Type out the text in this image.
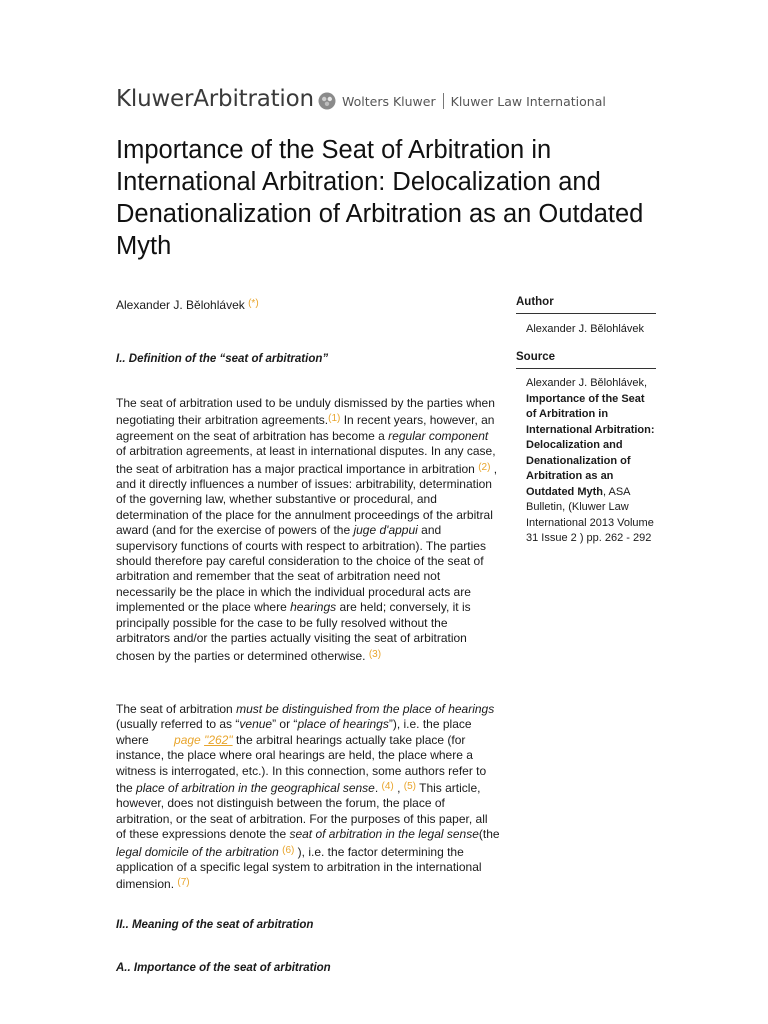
KluwerArbitration Wolters Kluwer Kluwer Law International
Importance of the Seat of Arbitration in International Arbitration: Delocalization and Denationalization of Arbitration as an Outdated Myth
Alexander J. Bělohlávek (*)	Author
Alexander J. Bělohlávek
Source
Alexander J. Bělohlávek, Importance of the Seat of Arbitration in International Arbitration: Delocalization and Denationalization of Arbitration as an Outdated Myth, ASA Bulletin, (Kluwer Law International 2013 Volume 31 Issue 2 ) pp. 262 - 292
I.. Definition of the “seat of arbitration”

The seat of arbitration used to be unduly dismissed by the parties when negotiating their arbitration agreements.$^{(1)}$ In recent years, however, an agreement on the seat of arbitration has become a regular component of arbitration agreements, at least in international disputes. In any case, the seat of arbitration has a major practical importance in arbitration $^{(2)}$ , and it directly influences a number of issues: arbitrability, determination of the governing law, whether substantive or procedural, and determination of the place for the annulment proceedings of the arbitral award (and for the exercise of powers of the juge d'appui and supervisory functions of courts with respect to arbitration). The parties should therefore pay careful consideration to the choice of the seat of arbitration and remember that the seat of arbitration need not necessarily be the place in which the individual procedural acts are implemented or the place where hearings are held; conversely, it is principally possible for the case to be fully resolved without the arbitrators and/or the parties actually visiting the seat of arbitration chosen by the parties or determined otherwise. $^{(3)}$

The seat of arbitration must be distinguished from the place of hearings (usually referred to as “venue” or “place of hearings”), i.e. the place where page "262" the arbitral hearings actually take place (for instance, the place where oral hearings are held, the place where a witness is interrogated, etc.). In this connection, some authors refer to the place of arbitration in the geographical sense. $^{(4)}$ , $^{(5)}$ This article, however, does not distinguish between the forum, the place of arbitration, or the seat of arbitration. For the purposes of this paper, all of these expressions denote the seat of arbitration in the legal sense(the legal domicile of the arbitration $^{(6)}$ ), i.e. the factor determining the application of a specific legal system to arbitration in the international dimension. $^{(7)}$

II.. Meaning of the seat of arbitration
A.. Importance of the seat of arbitration
